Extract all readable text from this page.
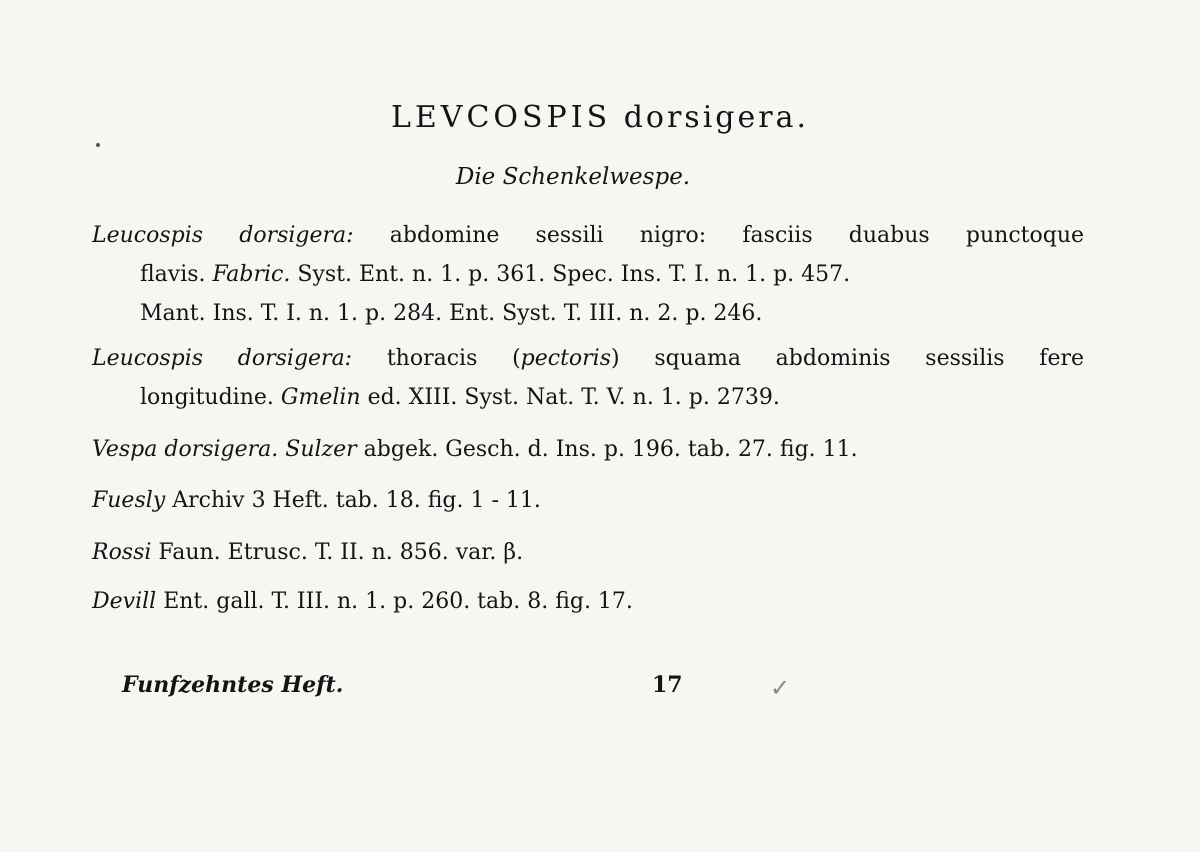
LEVCOSPIS dorsigera.
Die Schenkelwespe.
Leucospis dorsigera: abdomine sessili nigro: fasciis duabus punctoque
flavis. Fabric. Syst. Ent. n. 1. p. 361. Spec. Ins. T. I. n. 1. p. 457.
Mant. Ins. T. I. n. 1. p. 284. Ent. Syst. T. III. n. 2. p. 246.
Leucospis dorsigera: thoracis (pectoris) squama abdominis sessilis fere
longitudine. Gmelin ed. XIII. Syst. Nat. T. V. n. 1. p. 2739.
Vespa dorsigera. Sulzer abgek. Gesch. d. Ins. p. 196. tab. 27. fig. 11.
Fuesly Archiv 3 Heft. tab. 18. fig. 1 - 11.
Rossi Faun. Etrusc. T. II. n. 856. var. β.
Devill Ent. gall. T. III. n. 1. p. 260. tab. 8. fig. 17.
Funfzehntes Heft.	17	✓
